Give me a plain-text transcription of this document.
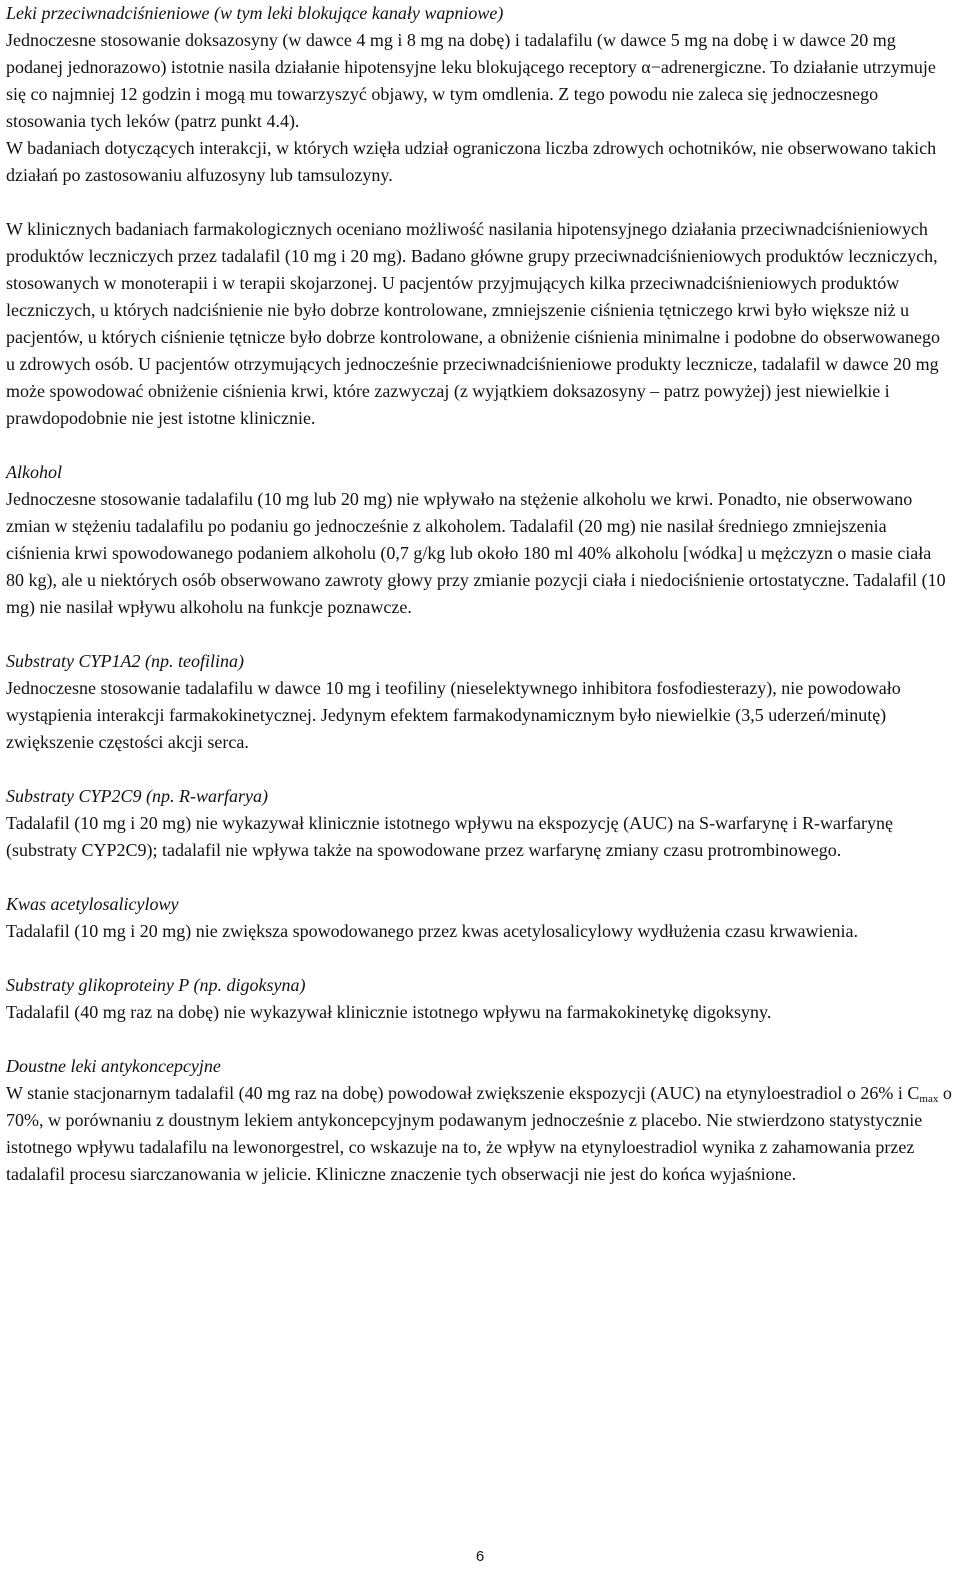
Leki przeciwnadciśnieniowe (w tym leki blokujące kanały wapniowe)
Jednoczesne stosowanie doksazosyny (w dawce 4 mg i 8 mg na dobę) i tadalafilu (w dawce 5 mg na dobę i w dawce 20 mg podanej jednorazowo) istotnie nasila działanie hipotensyjne leku blokującego receptory α−adrenergiczne. To działanie utrzymuje się co najmniej 12 godzin i mogą mu towarzyszyć objawy, w tym omdlenia. Z tego powodu nie zaleca się jednoczesnego stosowania tych leków (patrz punkt 4.4).
W badaniach dotyczących interakcji, w których wzięła udział ograniczona liczba zdrowych ochotników, nie obserwowano takich działań po zastosowaniu alfuzosyny lub tamsulozyny.
W klinicznych badaniach farmakologicznych oceniano możliwość nasilania hipotensyjnego działania przeciwnadciśnieniowych produktów leczniczych przez tadalafil (10 mg i 20 mg). Badano główne grupy przeciwnadciśnieniowych produktów leczniczych, stosowanych w monoterapii i w terapii skojarzonej. U pacjentów przyjmujących kilka przeciwnadciśnieniowych produktów leczniczych, u których nadciśnienie nie było dobrze kontrolowane, zmniejszenie ciśnienia tętniczego krwi było większe niż u pacjentów, u których ciśnienie tętnicze było dobrze kontrolowane, a obniżenie ciśnienia minimalne i podobne do obserwowanego u zdrowych osób. U pacjentów otrzymujących jednocześnie przeciwnadciśnieniowe produkty lecznicze, tadalafil w dawce 20 mg może spowodować obniżenie ciśnienia krwi, które zazwyczaj (z wyjątkiem doksazosyny – patrz powyżej) jest niewielkie i prawdopodobnie nie jest istotne klinicznie.
Alkohol
Jednoczesne stosowanie tadalafilu (10 mg lub 20 mg) nie wpływało na stężenie alkoholu we krwi. Ponadto, nie obserwowano zmian w stężeniu tadalafilu po podaniu go jednocześnie z alkoholem. Tadalafil (20 mg) nie nasilał średniego zmniejszenia ciśnienia krwi spowodowanego podaniem alkoholu (0,7 g/kg lub około 180 ml 40% alkoholu [wódka] u mężczyzn o masie ciała 80 kg), ale u niektórych osób obserwowano zawroty głowy przy zmianie pozycji ciała i niedociśnienie ortostatyczne. Tadalafil (10 mg) nie nasilał wpływu alkoholu na funkcje poznawcze.
Substraty CYP1A2 (np. teofilina)
Jednoczesne stosowanie tadalafilu w dawce 10 mg i teofiliny (nieselektywnego inhibitora fosfodiesterazy), nie powodowało wystąpienia interakcji farmakokinetycznej. Jedynym efektem farmakodynamicznym było niewielkie (3,5 uderzeń/minutę) zwiększenie częstości akcji serca.
Substraty CYP2C9 (np. R-warfarya)
Tadalafil (10 mg i 20 mg) nie wykazywał klinicznie istotnego wpływu na ekspozycję (AUC) na S-warfarynę i R-warfarynę (substraty CYP2C9); tadalafil nie wpływa także na spowodowane przez warfarynę zmiany czasu protrombinowego.
Kwas acetylosalicylowy
Tadalafil (10 mg i 20 mg) nie zwiększa spowodowanego przez kwas acetylosalicylowy wydłużenia czasu krwawienia.
Substraty glikoproteiny P (np. digoksyna)
Tadalafil (40 mg raz na dobę) nie wykazywał klinicznie istotnego wpływu na farmakokinetykę digoksyny.
Doustne leki antykoncepcyjne
W stanie stacjonarnym tadalafil (40 mg raz na dobę) powodował zwiększenie ekspozycji (AUC) na etynyloestradiol o 26% i $C_{max}$ o 70%, w porównaniu z doustnym lekiem antykoncepcyjnym podawanym jednocześnie z placebo. Nie stwierdzono statystycznie istotnego wpływu tadalafilu na lewonorgestrel, co wskazuje na to, że wpływ na etynyloestradiol wynika z zahamowania przez tadalafil procesu siarczanowania w jelicie. Kliniczne znaczenie tych obserwacji nie jest do końca wyjaśnione.
6
